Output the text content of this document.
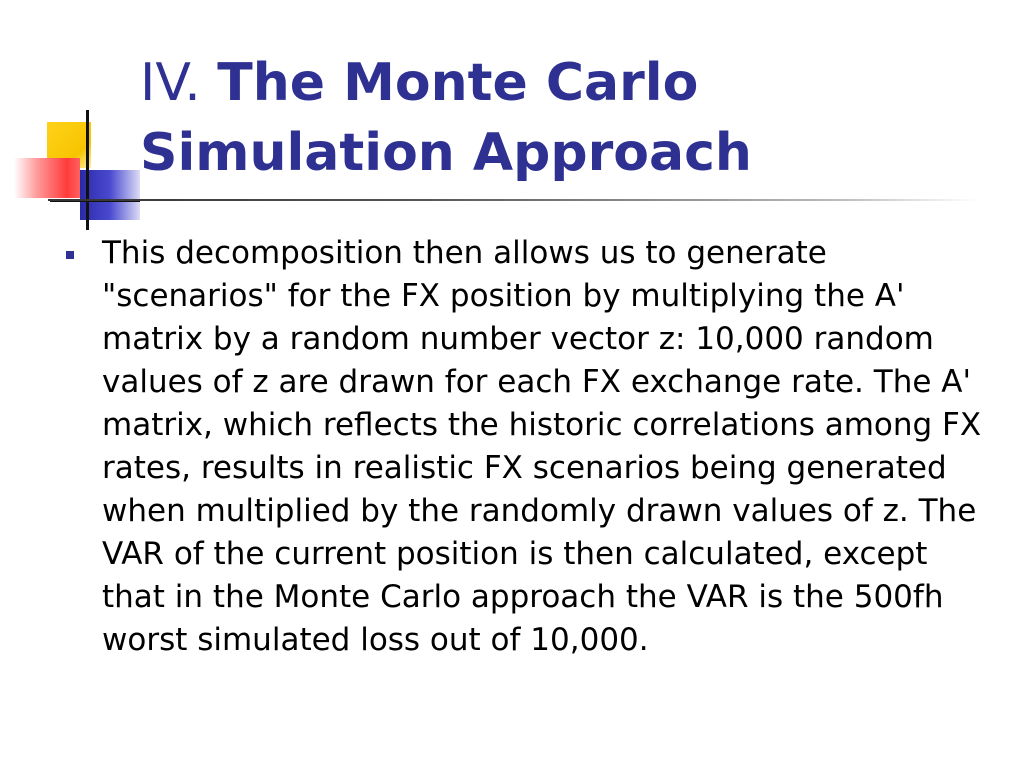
IV. The Monte Carlo Simulation Approach

This decomposition then allows us to generate "scenarios" for the FX position by multiplying the A' matrix by a random number vector z: 10,000 random values of z are drawn for each FX exchange rate. The A' matrix, which reflects the historic correlations among FX rates, results in realistic FX scenarios being generated when multiplied by the randomly drawn values of z. The VAR of the current position is then calculated, except that in the Monte Carlo approach the VAR is the 500fh worst simulated loss out of 10,000.
